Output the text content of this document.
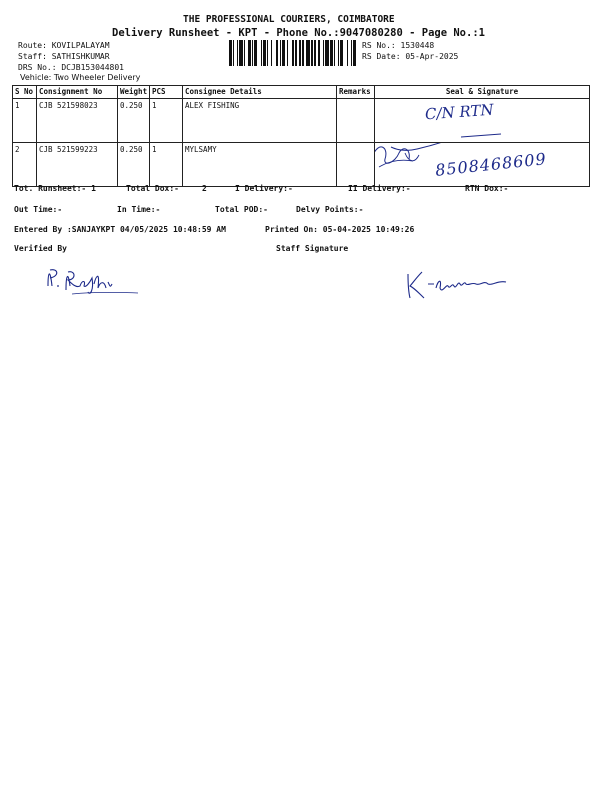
THE PROFESSIONAL COURIERS, COIMBATORE
Delivery Runsheet - KPT - Phone No.:9047080280 - Page No.:1
Route: KOVILPALAYAM
Staff: SATHISHKUMAR
DRS No.: DCJB153044801
Vehicle: Two Wheeler Delivery
RS No.: 1530448
RS Date: 05-Apr-2025
S No	Consignment No	Weight	PCS	Consignee Details	Remarks	Seal & Signature
1	CJB 521598023	0.250	1	ALEX FISHING		C/N RTN

2	CJB 521599223	0.250	1	MYLSAMY		8508468609
Tot. Runsheet:- 1	Total Dox:-	2	I Delivery:-	II Delivery:-	RTN Dox:-
Out Time:-	In Time:-	Total POD:-	Delvy Points:-
Entered By :SANJAYKPT 04/05/2025 10:48:59 AM	Printed On: 05-04-2025 10:49:26
Verified By	Staff Signature
